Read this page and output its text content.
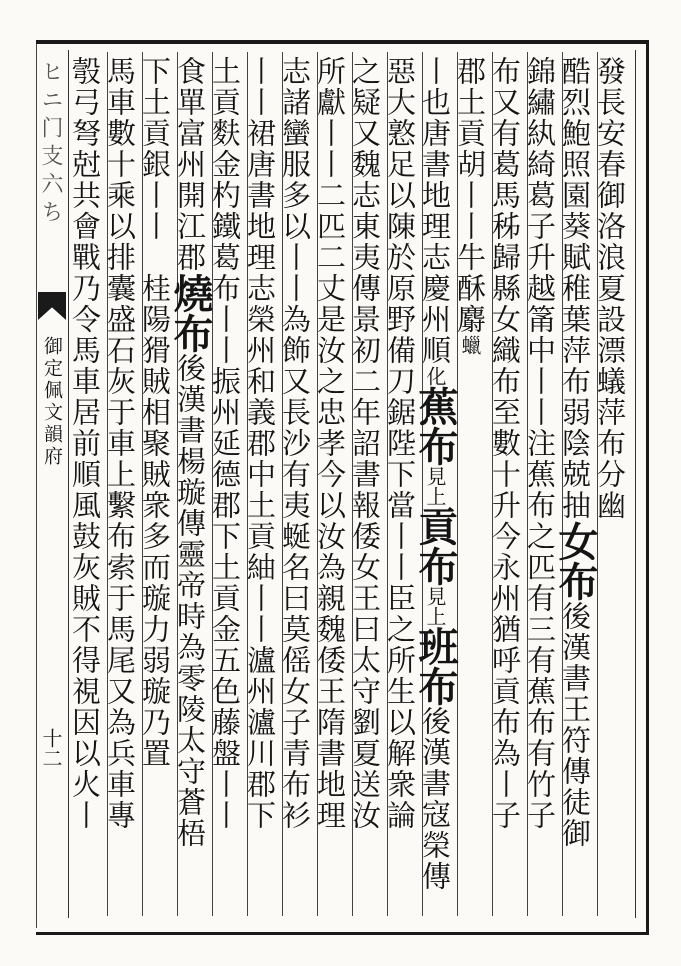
發長安春御洛浪夏設漂蟻萍布分幽
酷烈鮑照園葵賦稚葉萍布弱陰兢抽女布後漢書王符傳徒御
錦繡紈綺葛子升越筩中丨丨注蕉布之匹有三有蕉布有竹子
布又有葛馬秭歸縣女織布至數十升今永州猶呼貢布為丨子
郡土貢胡丨丨牛酥麝蠟
丨也唐書地理志慶州順化蕉布見上貢布見上班布後漢書寇榮傳
惡大憝足以陳於原野備刀鋸陛下當丨丨臣之所生以解衆論
之疑又魏志東夷傳景初二年詔書報倭女王曰太守劉夏送汝
所獻丨丨二匹二丈是汝之忠孝今以汝為親魏倭王隋書地理
志諸蠻服多以丨丨為飾又長沙有夷蜒名曰莫傜女子青布衫
丨丨裙唐書地理志榮州和義郡中土貢紬丨丨瀘州瀘川郡下
土貢麩金杓鐵葛布丨丨振州延德郡下土貢金五色藤盤丨丨
食單富州開江郡燒布後漢書楊璇傳靈帝時為零陵太守蒼梧
下土貢銀丨丨　桂陽猾賊相聚賊衆多而璇力弱璇乃置
馬車數十乘以排囊盛石灰于車上繫布索于馬尾又為兵車專
彀弓弩尅共會戰乃令馬車居前順風鼓灰賊不得視因以火丨
ヒニ门支六ち
御定佩文韻府
十二
